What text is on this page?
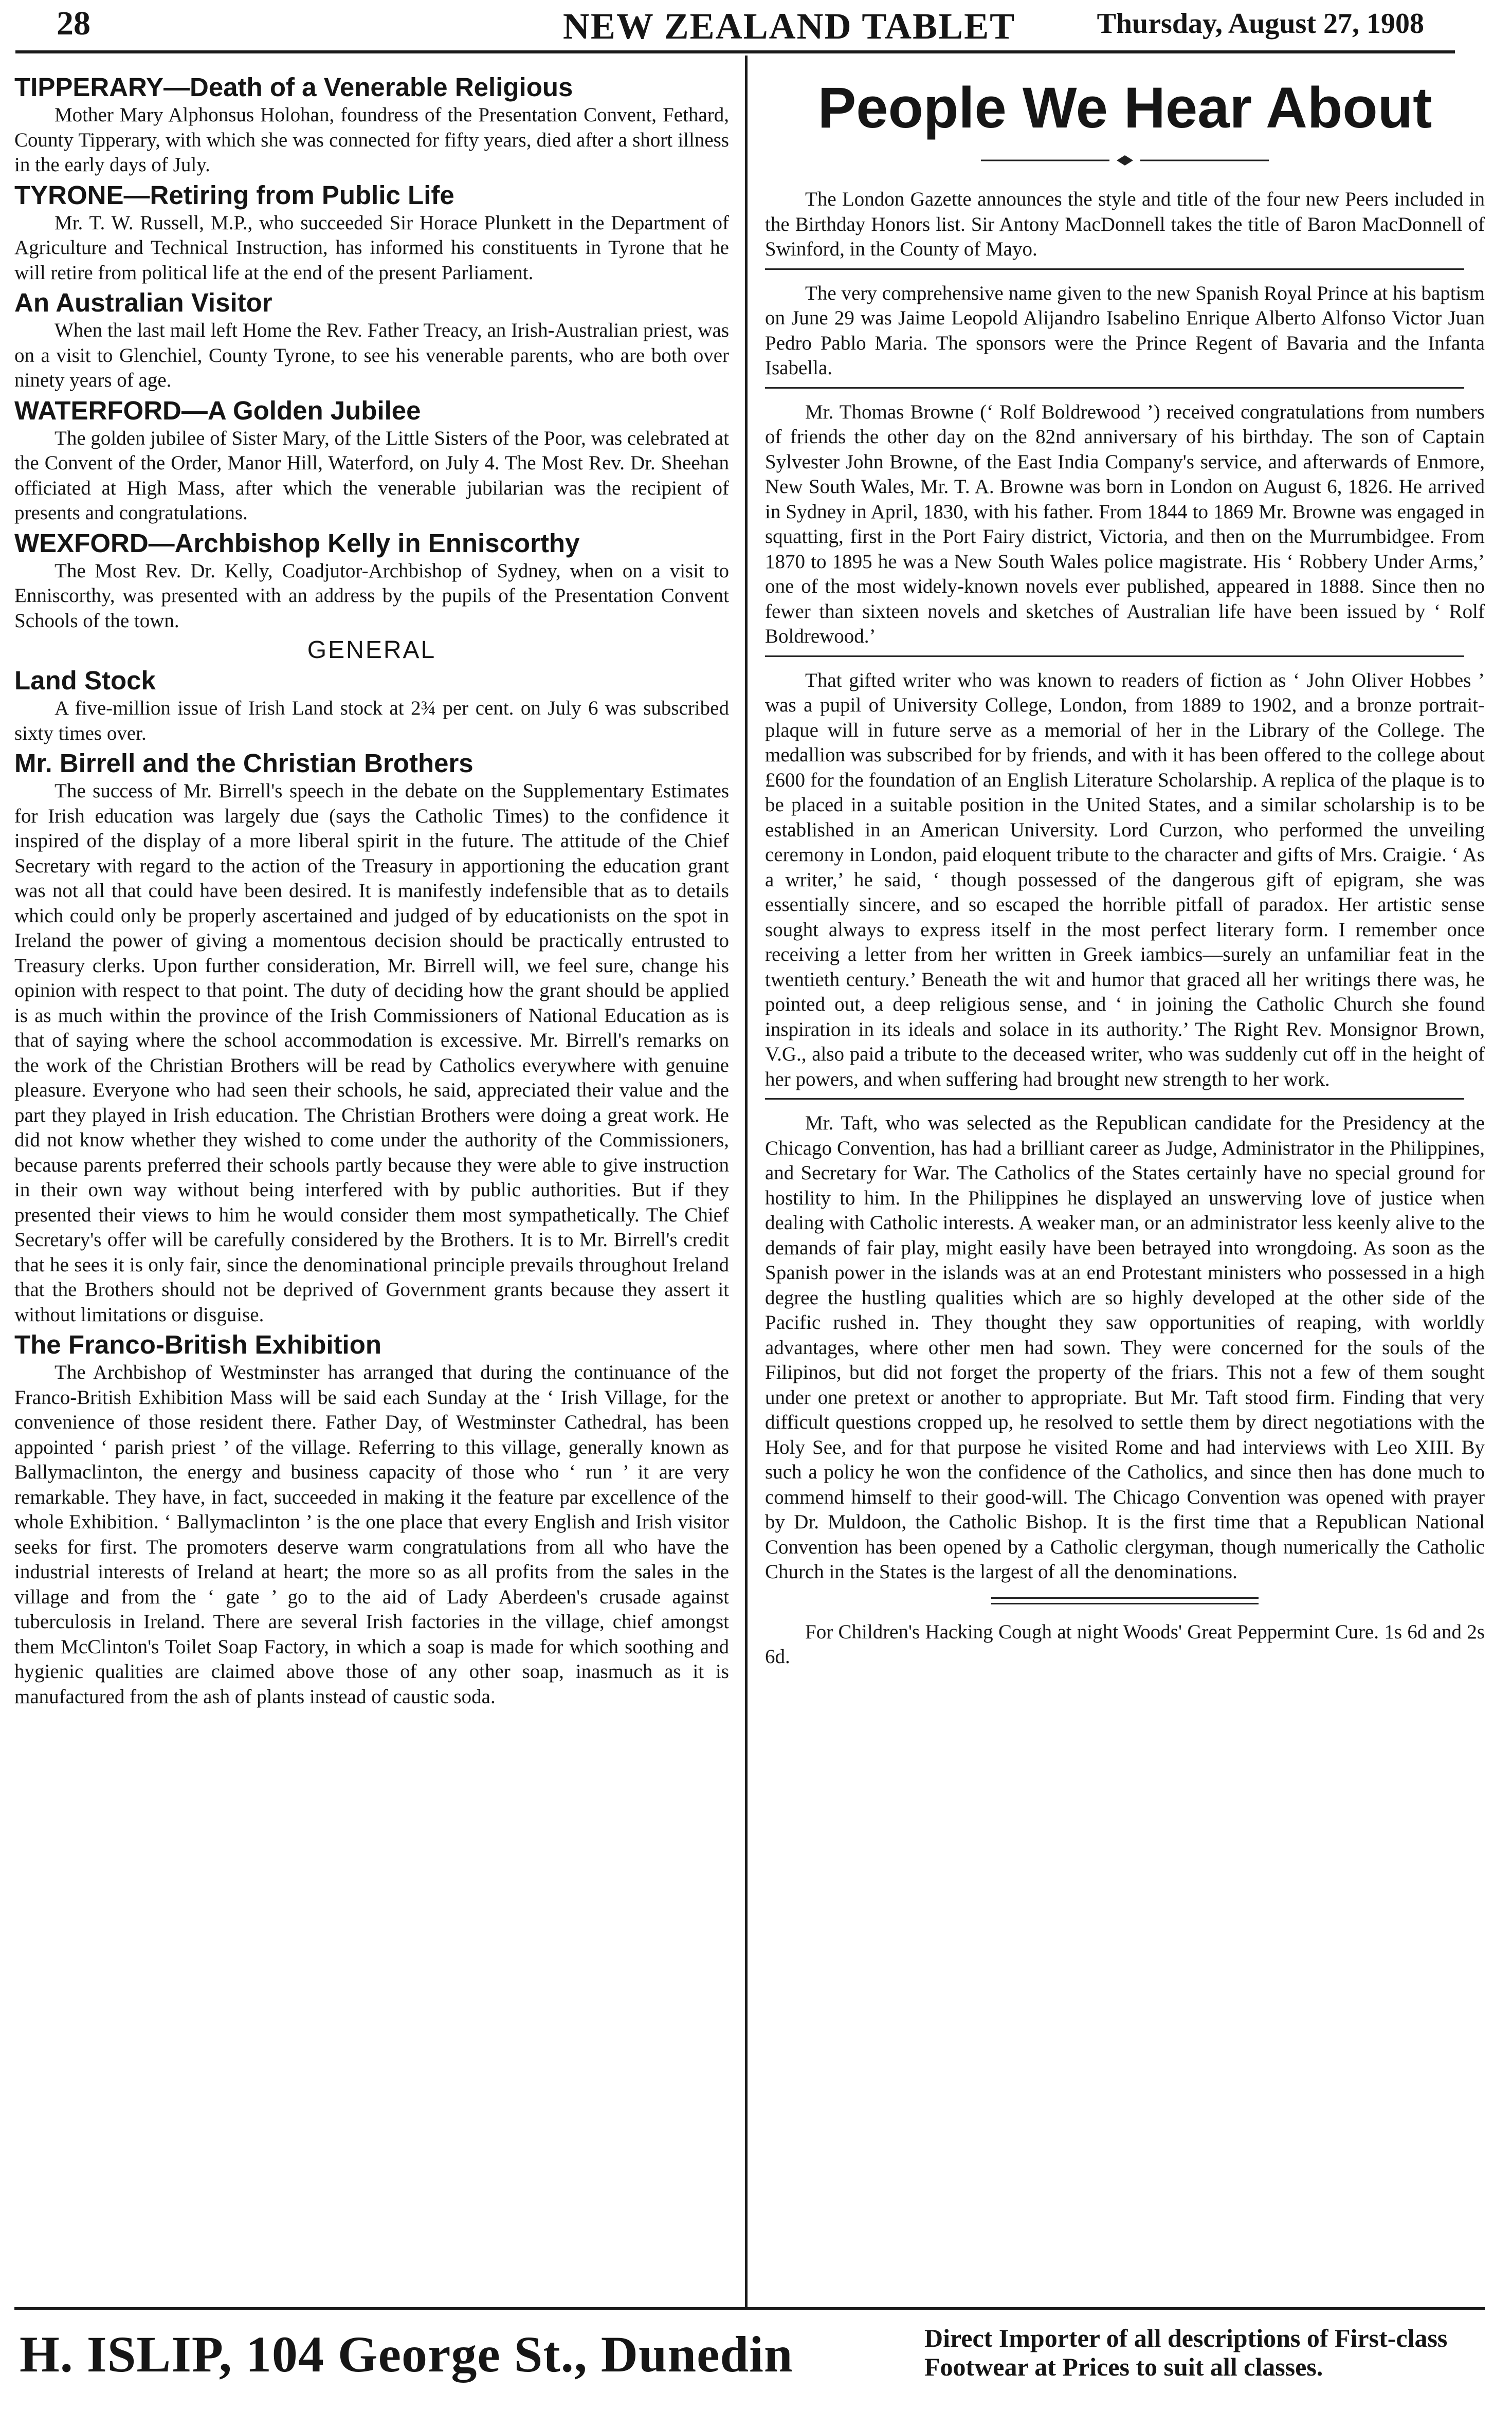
28	NEW ZEALAND TABLET	Thursday, August 27, 1908
TIPPERARY—Death of a Venerable Religious

Mother Mary Alphonsus Holohan, foundress of the Presentation Convent, Fethard, County Tipperary, with which she was connected for fifty years, died after a short illness in the early days of July.

TYRONE—Retiring from Public Life

Mr. T. W. Russell, M.P., who succeeded Sir Horace Plunkett in the Department of Agriculture and Technical Instruction, has informed his constituents in Tyrone that he will retire from political life at the end of the present Parliament.

An Australian Visitor

When the last mail left Home the Rev. Father Treacy, an Irish-Australian priest, was on a visit to Glenchiel, County Tyrone, to see his venerable parents, who are both over ninety years of age.

WATERFORD—A Golden Jubilee

The golden jubilee of Sister Mary, of the Little Sisters of the Poor, was celebrated at the Convent of the Order, Manor Hill, Waterford, on July 4. The Most Rev. Dr. Sheehan officiated at High Mass, after which the venerable jubilarian was the recipient of presents and congratulations.

WEXFORD—Archbishop Kelly in Enniscorthy

The Most Rev. Dr. Kelly, Coadjutor-Archbishop of Sydney, when on a visit to Enniscorthy, was presented with an address by the pupils of the Presentation Convent Schools of the town.

GENERAL
Land Stock

A five-million issue of Irish Land stock at 2¾ per cent. on July 6 was subscribed sixty times over.

Mr. Birrell and the Christian Brothers

The success of Mr. Birrell's speech in the debate on the Supplementary Estimates for Irish education was largely due (says the Catholic Times) to the confidence it inspired of the display of a more liberal spirit in the future. The attitude of the Chief Secretary with regard to the action of the Treasury in apportioning the education grant was not all that could have been desired. It is manifestly indefensible that as to details which could only be properly ascertained and judged of by educationists on the spot in Ireland the power of giving a momentous decision should be practically entrusted to Treasury clerks. Upon further consideration, Mr. Birrell will, we feel sure, change his opinion with respect to that point. The duty of deciding how the grant should be applied is as much within the province of the Irish Commissioners of National Education as is that of saying where the school accommodation is excessive. Mr. Birrell's remarks on the work of the Christian Brothers will be read by Catholics everywhere with genuine pleasure. Everyone who had seen their schools, he said, appreciated their value and the part they played in Irish education. The Christian Brothers were doing a great work. He did not know whether they wished to come under the authority of the Commissioners, because parents preferred their schools partly because they were able to give instruction in their own way without being interfered with by public authorities. But if they presented their views to him he would consider them most sympathetically. The Chief Secretary's offer will be carefully considered by the Brothers. It is to Mr. Birrell's credit that he sees it is only fair, since the denominational principle prevails throughout Ireland that the Brothers should not be deprived of Government grants because they assert it without limitations or disguise.

The Franco-British Exhibition

The Archbishop of Westminster has arranged that during the continuance of the Franco-British Exhibition Mass will be said each Sunday at the ‘ Irish Village, for the convenience of those resident there. Father Day, of Westminster Cathedral, has been appointed ‘ parish priest ’ of the village. Referring to this village, generally known as Ballymaclinton, the energy and business capacity of those who ‘ run ’ it are very remarkable. They have, in fact, succeeded in making it the feature par excellence of the whole Exhibition. ‘ Ballymaclinton ’ is the one place that every English and Irish visitor seeks for first. The promoters deserve warm congratulations from all who have the industrial interests of Ireland at heart; the more so as all profits from the sales in the village and from the ‘ gate ’ go to the aid of Lady Aberdeen's crusade against tuberculosis in Ireland. There are several Irish factories in the village, chief amongst them McClinton's Toilet Soap Factory, in which a soap is made for which soothing and hygienic qualities are claimed above those of any other soap, inasmuch as it is manufactured from the ash of plants instead of caustic soda.

People We Hear About

The London Gazette announces the style and title of the four new Peers included in the Birthday Honors list. Sir Antony MacDonnell takes the title of Baron MacDonnell of Swinford, in the County of Mayo.

The very comprehensive name given to the new Spanish Royal Prince at his baptism on June 29 was Jaime Leopold Alijandro Isabelino Enrique Alberto Alfonso Victor Juan Pedro Pablo Maria. The sponsors were the Prince Regent of Bavaria and the Infanta Isabella.

Mr. Thomas Browne (‘ Rolf Boldrewood ’) received congratulations from numbers of friends the other day on the 82nd anniversary of his birthday. The son of Captain Sylvester John Browne, of the East India Company's service, and afterwards of Enmore, New South Wales, Mr. T. A. Browne was born in London on August 6, 1826. He arrived in Sydney in April, 1830, with his father. From 1844 to 1869 Mr. Browne was engaged in squatting, first in the Port Fairy district, Victoria, and then on the Murrumbidgee. From 1870 to 1895 he was a New South Wales police magistrate. His ‘ Robbery Under Arms,’ one of the most widely-known novels ever published, appeared in 1888. Since then no fewer than sixteen novels and sketches of Australian life have been issued by ‘ Rolf Boldrewood.’

That gifted writer who was known to readers of fiction as ‘ John Oliver Hobbes ’ was a pupil of University College, London, from 1889 to 1902, and a bronze portrait-plaque will in future serve as a memorial of her in the Library of the College. The medallion was subscribed for by friends, and with it has been offered to the college about £600 for the foundation of an English Literature Scholarship. A replica of the plaque is to be placed in a suitable position in the United States, and a similar scholarship is to be established in an American University. Lord Curzon, who performed the unveiling ceremony in London, paid eloquent tribute to the character and gifts of Mrs. Craigie. ‘ As a writer,’ he said, ‘ though possessed of the dangerous gift of epigram, she was essentially sincere, and so escaped the horrible pitfall of paradox. Her artistic sense sought always to express itself in the most perfect literary form. I remember once receiving a letter from her written in Greek iambics—surely an unfamiliar feat in the twentieth century.’ Beneath the wit and humor that graced all her writings there was, he pointed out, a deep religious sense, and ‘ in joining the Catholic Church she found inspiration in its ideals and solace in its authority.’ The Right Rev. Monsignor Brown, V.G., also paid a tribute to the deceased writer, who was suddenly cut off in the height of her powers, and when suffering had brought new strength to her work.

Mr. Taft, who was selected as the Republican candidate for the Presidency at the Chicago Convention, has had a brilliant career as Judge, Administrator in the Philippines, and Secretary for War. The Catholics of the States certainly have no special ground for hostility to him. In the Philippines he displayed an unswerving love of justice when dealing with Catholic interests. A weaker man, or an administrator less keenly alive to the demands of fair play, might easily have been betrayed into wrongdoing. As soon as the Spanish power in the islands was at an end Protestant ministers who possessed in a high degree the hustling qualities which are so highly developed at the other side of the Pacific rushed in. They thought they saw opportunities of reaping, with worldly advantages, where other men had sown. They were concerned for the souls of the Filipinos, but did not forget the property of the friars. This not a few of them sought under one pretext or another to appropriate. But Mr. Taft stood firm. Finding that very difficult questions cropped up, he resolved to settle them by direct negotiations with the Holy See, and for that purpose he visited Rome and had interviews with Leo XIII. By such a policy he won the confidence of the Catholics, and since then has done much to commend himself to their good-will. The Chicago Convention was opened with prayer by Dr. Muldoon, the Catholic Bishop. It is the first time that a Republican National Convention has been opened by a Catholic clergyman, though numerically the Catholic Church in the States is the largest of all the denominations.

For Children's Hacking Cough at night Woods' Great Peppermint Cure. 1s 6d and 2s 6d.

H. ISLIP, 104 George St., Dunedin	Direct Importer of all descriptions of First-class Footwear at Prices to suit all classes.
